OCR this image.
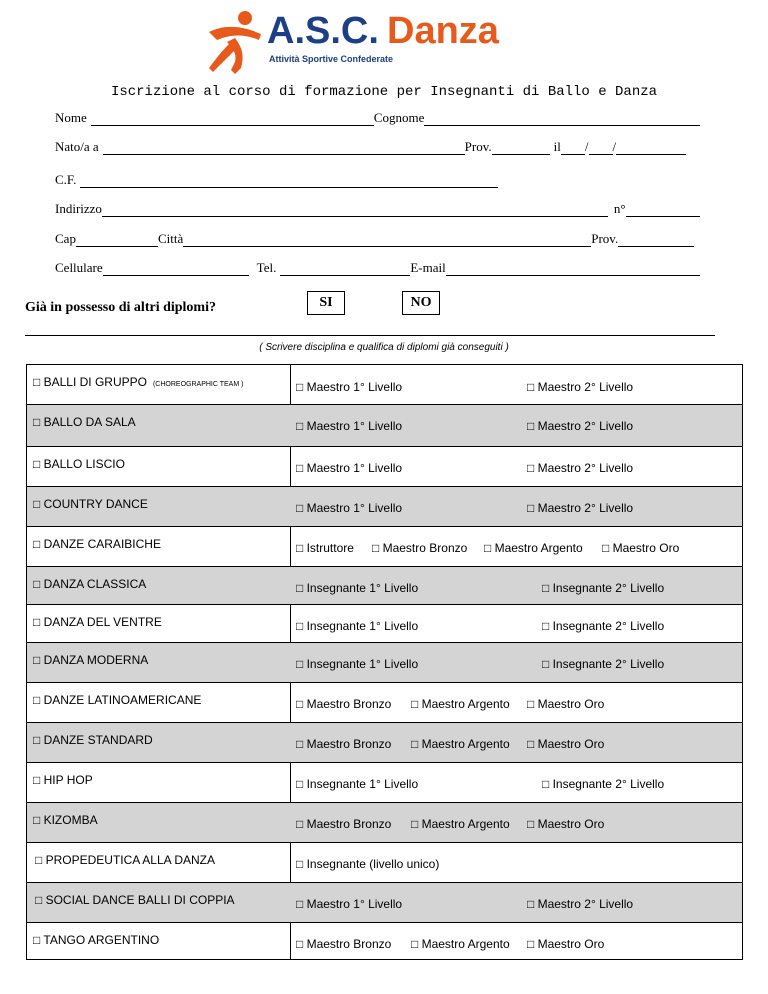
A.S.C. Danza
Attività Sportive Confederate
Iscrizione al corso di formazione per Insegnanti di Ballo e Danza
Nome	Cognome
Nato/a a	Prov.	il / /
C.F.
Indirizzo	n°
Cap	Città	Prov.
Cellulare	Tel.	E-mail
Già in possesso di altri diplomi?	SI	NO
( Scrivere disciplina e qualifica di diplomi già conseguiti )
□ BALLI DI GRUPPO (CHOREOGRAPHIC TEAM )	□ Maestro 1° Livello	□ Maestro 2° Livello
□ BALLO DA SALA	□ Maestro 1° Livello	□ Maestro 2° Livello
□ BALLO LISCIO	□ Maestro 1° Livello	□ Maestro 2° Livello
□ COUNTRY DANCE	□ Maestro 1° Livello	□ Maestro 2° Livello
□ DANZE CARAIBICHE	□ Istruttore □ Maestro Bronzo □ Maestro Argento □ Maestro Oro
□ DANZA CLASSICA	□ Insegnante 1° Livello	□ Insegnante 2° Livello
□ DANZA DEL VENTRE	□ Insegnante 1° Livello	□ Insegnante 2° Livello
□ DANZA MODERNA	□ Insegnante 1° Livello	□ Insegnante 2° Livello
□ DANZE LATINOAMERICANE	□ Maestro Bronzo □ Maestro Argento □ Maestro Oro
□ DANZE STANDARD	□ Maestro Bronzo □ Maestro Argento □ Maestro Oro
□ HIP HOP	□ Insegnante 1° Livello	□ Insegnante 2° Livello
□ KIZOMBA	□ Maestro Bronzo □ Maestro Argento □ Maestro Oro
□ PROPEDEUTICA ALLA DANZA	□ Insegnante (livello unico)
□ SOCIAL DANCE BALLI DI COPPIA	□ Maestro 1° Livello	□ Maestro 2° Livello
□ TANGO ARGENTINO	□ Maestro Bronzo □ Maestro Argento □ Maestro Oro
